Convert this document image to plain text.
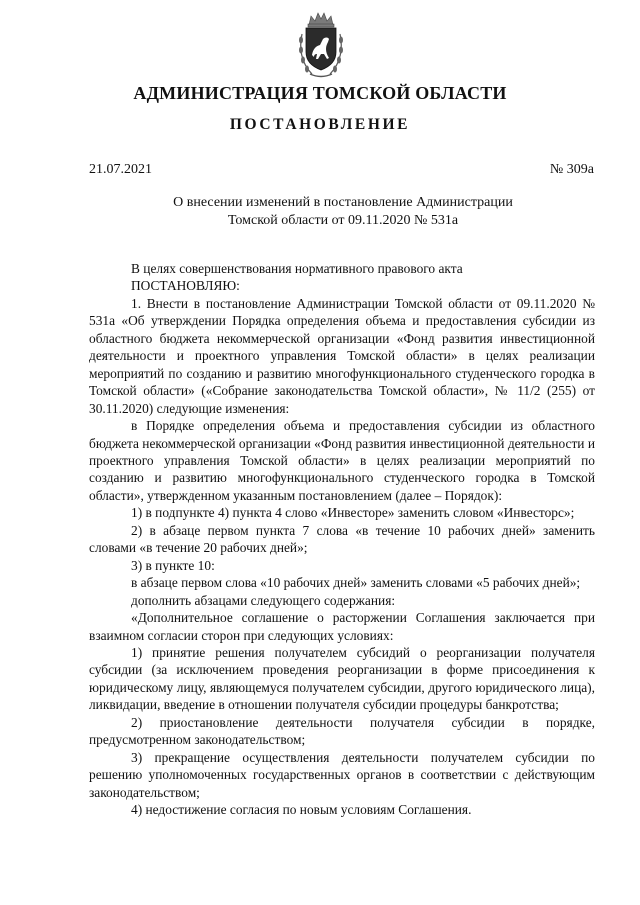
АДМИНИСТРАЦИЯ ТОМСКОЙ ОБЛАСТИ
ПОСТАНОВЛЕНИЕ
21.07.2021	№ 309а
О внесении изменений в постановление Администрации
Томской области от 09.11.2020 № 531а

В целях совершенствования нормативного правового акта

ПОСТАНОВЛЯЮ:

1. Внести в постановление Администрации Томской области от 09.11.2020 № 531а «Об утверждении Порядка определения объема и предоставления субсидии из областного бюджета некоммерческой организации «Фонд развития инвестиционной деятельности и проектного управления Томской области» в целях реализации мероприятий по созданию и развитию многофункционального студенческого городка в Томской области» («Собрание законодательства Томской области», № 11/2 (255) от 30.11.2020) следующие изменения:

в Порядке определения объема и предоставления субсидии из областного бюджета некоммерческой организации «Фонд развития инвестиционной деятельности и проектного управления Томской области» в целях реализации мероприятий по созданию и развитию многофункционального студенческого городка в Томской области», утвержденном указанным постановлением (далее – Порядок):

1) в подпункте 4) пункта 4 слово «Инвесторе» заменить словом «Инвесторс»;

2) в абзаце первом пункта 7 слова «в течение 10 рабочих дней» заменить словами «в течение 20 рабочих дней»;

3) в пункте 10:

в абзаце первом слова «10 рабочих дней» заменить словами «5 рабочих дней»;

дополнить абзацами следующего содержания:

«Дополнительное соглашение о расторжении Соглашения заключается при взаимном согласии сторон при следующих условиях:

1) принятие решения получателем субсидий о реорганизации получателя субсидии (за исключением проведения реорганизации в форме присоединения к юридическому лицу, являющемуся получателем субсидии, другого юридического лица), ликвидации, введение в отношении получателя субсидии процедуры банкротства;

2) приостановление деятельности получателя субсидии в порядке, предусмотренном законодательством;

3) прекращение осуществления деятельности получателем субсидии по решению уполномоченных государственных органов в соответствии с действующим законодательством;

4) недостижение согласия по новым условиям Соглашения.
